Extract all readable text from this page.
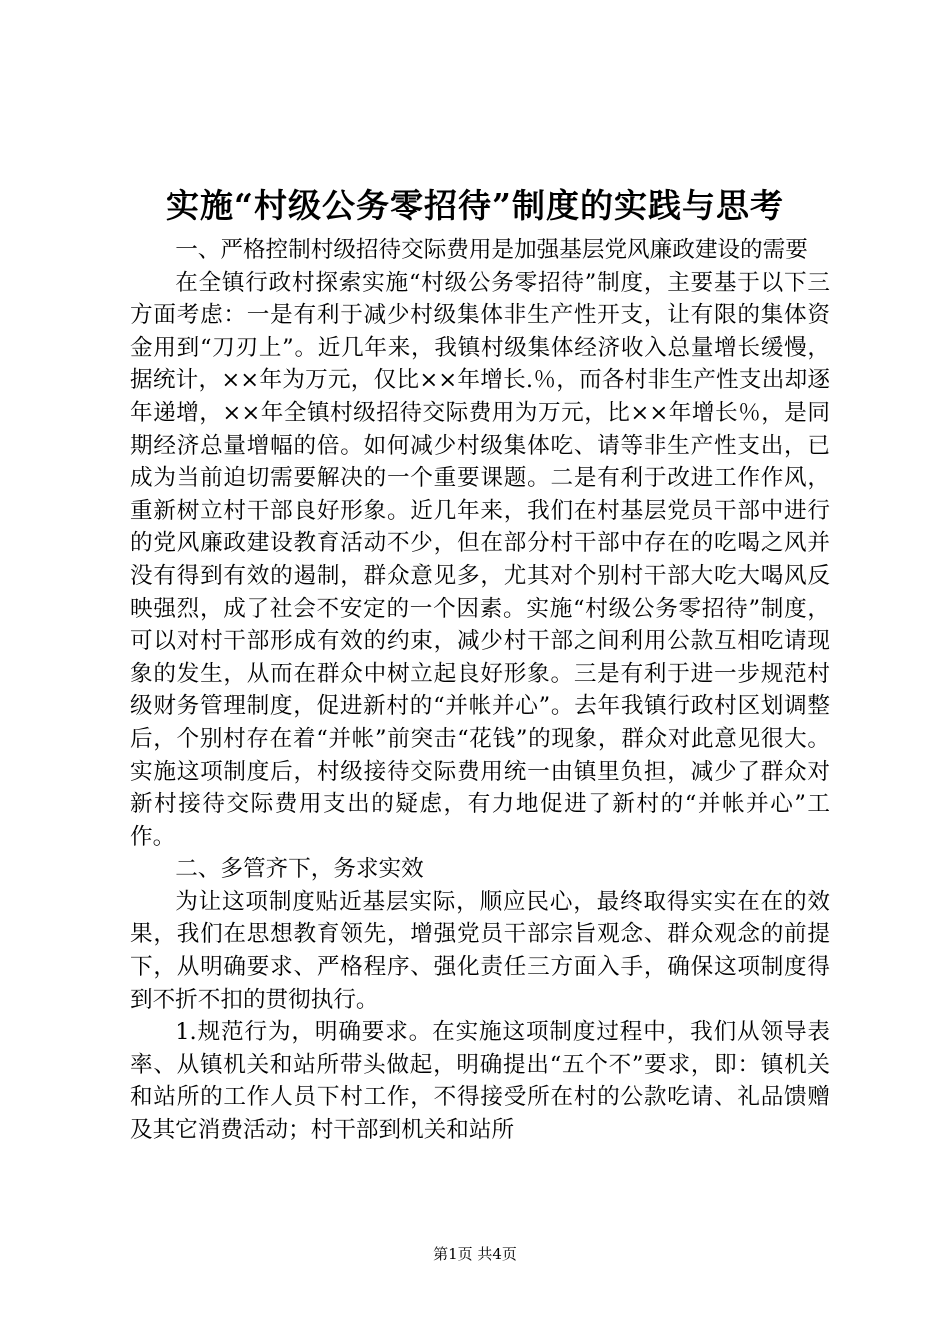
实施“村级公务零招待”制度的实践与思考

一、严格控制村级招待交际费用是加强基层党风廉政建设的需要

在全镇行政村探索实施“村级公务零招待”制度，主要基于以下三方面考虑：一是有利于减少村级集体非生产性开支，让有限的集体资金用到“刀刃上”。近几年来，我镇村级集体经济收入总量增长缓慢，据统计，××年为万元，仅比××年增长.％，而各村非生产性支出却逐年递增，××年全镇村级招待交际费用为万元，比××年增长％，是同期经济总量增幅的倍。如何减少村级集体吃、请等非生产性支出，已成为当前迫切需要解决的一个重要课题。二是有利于改进工作作风，重新树立村干部良好形象。近几年来，我们在村基层党员干部中进行的党风廉政建设教育活动不少，但在部分村干部中存在的吃喝之风并没有得到有效的遏制，群众意见多，尤其对个别村干部大吃大喝风反映强烈，成了社会不安定的一个因素。实施“村级公务零招待”制度，可以对村干部形成有效的约束，减少村干部之间利用公款互相吃请现象的发生，从而在群众中树立起良好形象。三是有利于进一步规范村级财务管理制度，促进新村的“并帐并心”。去年我镇行政村区划调整后，个别村存在着“并帐”前突击“花钱”的现象，群众对此意见很大。实施这项制度后，村级接待交际费用统一由镇里负担，减少了群众对新村接待交际费用支出的疑虑，有力地促进了新村的“并帐并心”工作。

二、多管齐下，务求实效

为让这项制度贴近基层实际，顺应民心，最终取得实实在在的效果，我们在思想教育领先，增强党员干部宗旨观念、群众观念的前提下，从明确要求、严格程序、强化责任三方面入手，确保这项制度得到不折不扣的贯彻执行。

1.规范行为，明确要求。在实施这项制度过程中，我们从领导表率、从镇机关和站所带头做起，明确提出“五个不”要求，即：镇机关和站所的工作人员下村工作，不得接受所在村的公款吃请、礼品馈赠及其它消费活动；村干部到机关和站所

第1页 共4页
